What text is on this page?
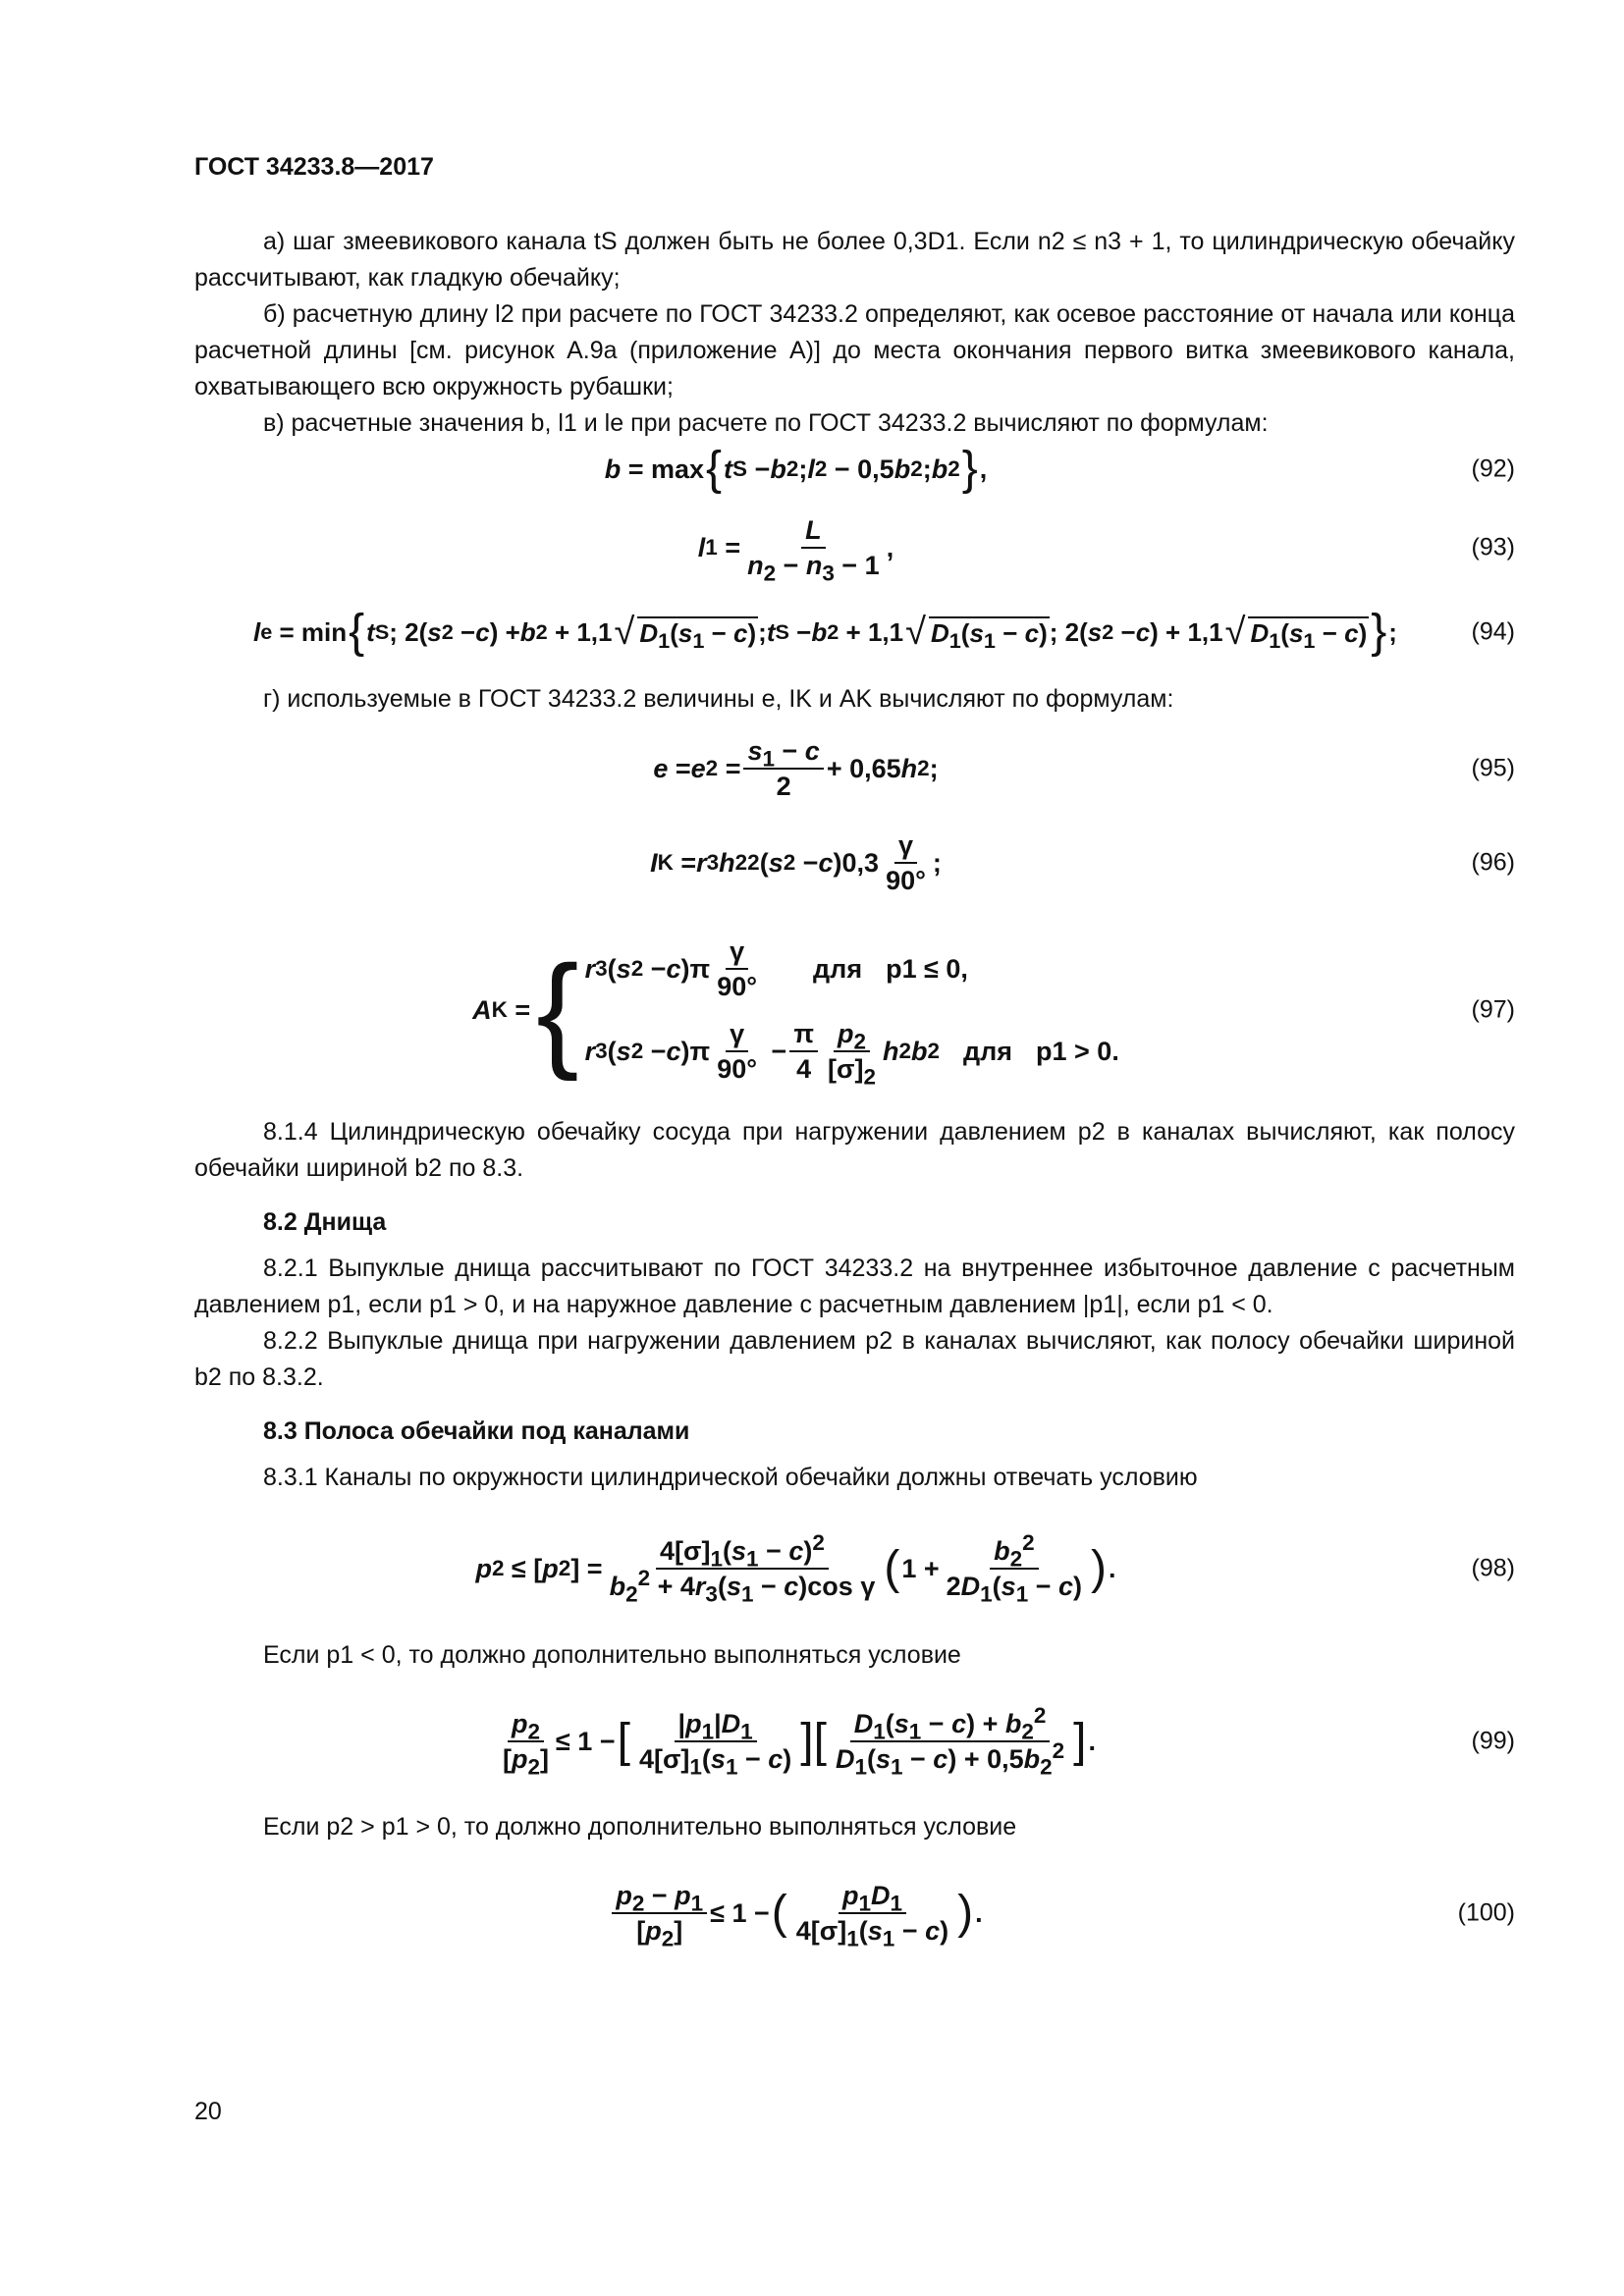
ГОСТ 34233.8—2017

а) шаг змеевикового канала tS должен быть не более 0,3D1. Если n2 ≤ n3 + 1, то цилиндрическую обечайку рассчитывают, как гладкую обечайку;

б) расчетную длину l2 при расчете по ГОСТ 34233.2 определяют, как осевое расстояние от начала или конца расчетной длины [см. рисунок А.9а (приложение А)] до места окончания первого витка змеевикового канала, охватывающего всю окружность рубашки;

в) расчетные значения b, l1 и le при расчете по ГОСТ 34233.2 вычисляют по формулам:

b = max { t S − b 2 ; l 2 − 0,5 b 2 ; b 2 } ,	(92)
l 1 =
L
$n_2 - n_3 - 1$
,	(93)
l e = min { t S ; 2( s 2 − c ) + b 2 + 1,1 √ $D_1(s_1 - c)$ ; t S − b 2 + 1,1 √ $D_1(s_1 - c)$ ; 2( s 2 − c ) + 1,1 √ $D_1(s_1 - c)$ } ;	(94)

г) используемые в ГОСТ 34233.2 величины e, IK и AK вычисляют по формулам:

e = e 2 =
$s_1 - c$
2
+ 0,65 h 2 ;	(95)
I K = r 3 h 2 2 ( s 2 − c )0,3
γ
90°
;	(96)
A K = { r 3 ( s 2 − c )π
γ
90°
для p1 ≤ 0,
r 3 ( s 2 − c )π
γ
90°
−
π
4
$p_2$
$[\sigma]_2$
h 2 b 2 для p1 > 0.
(97)

8.1.4 Цилиндрическую обечайку сосуда при нагружении давлением p2 в каналах вычисляют, как полосу обечайки шириной b2 по 8.3.

8.2 Днища

8.2.1 Выпуклые днища рассчитывают по ГОСТ 34233.2 на внутреннее избыточное давление с расчетным давлением p1, если p1 > 0, и на наружное давление с расчетным давлением |p1|, если p1 < 0.

8.2.2 Выпуклые днища при нагружении давлением p2 в каналах вычисляют, как полосу обечайки шириной b2 по 8.3.2.

8.3 Полоса обечайки под каналами

8.3.1 Каналы по окружности цилиндрической обечайки должны отвечать условию

p 2 ≤ [ p 2 ] =
$4[\sigma]_1(s_1 - c)^2$
$b_2^2 + 4r_3(s_1 - c)\cos$ γ ( 1 +
$b_2^2$
$2D_1(s_1 - c)$ ) .	(98)

Если p1 < 0, то должно дополнительно выполняться условие

$p_2$
$[p_2]$
≤ 1 − [ $|p_1|D_1$
$4[\sigma]_1(s_1 - c)$ ][ $D_1(s_1 - c) + b_2^2$
$D_1(s_1 - c) + 0,5b_2^2$ ] .	(99)

Если p2 > p1 > 0, то должно дополнительно выполняться условие

$p_2 - p_1$
$[p_2]$
≤ 1 − ( $p_1D_1$
$4[\sigma]_1(s_1 - c)$ ) .	(100)
20
